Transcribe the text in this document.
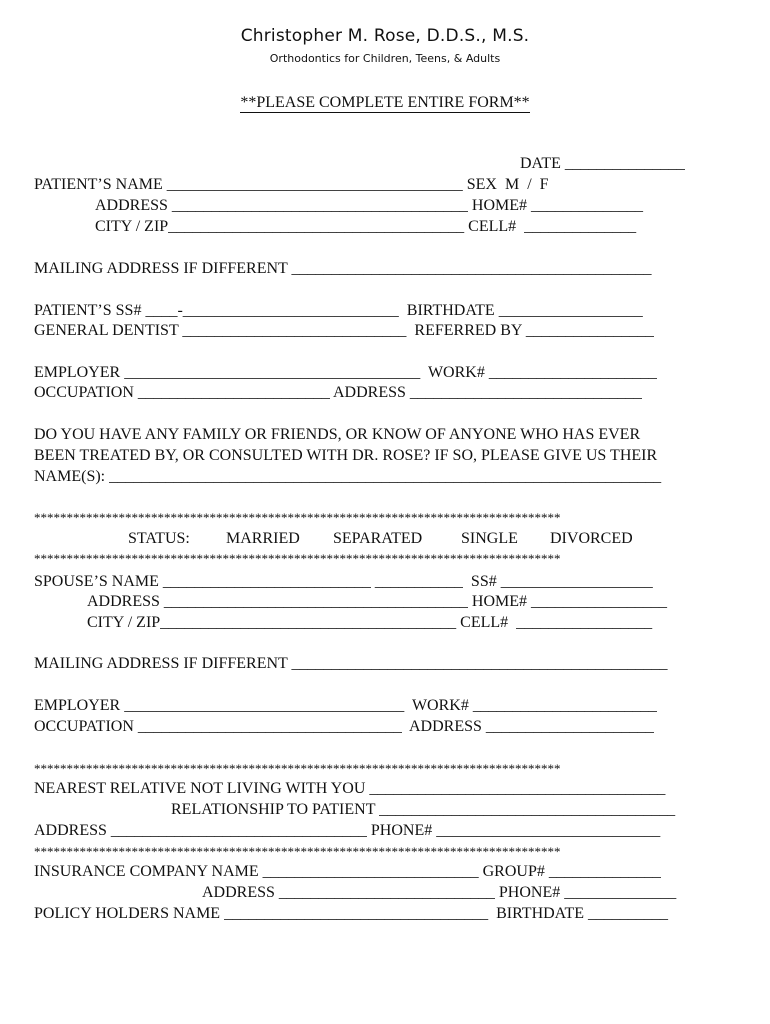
Christopher M. Rose, D.D.S., M.S.
Orthodontics for Children, Teens, & Adults
**PLEASE COMPLETE ENTIRE FORM**
DATE _______________
PATIENT’S NAME _____________________________________ SEX  M  /  F
ADDRESS _____________________________________ HOME# ______________
CITY / ZIP_____________________________________ CELL#  ______________
MAILING ADDRESS IF DIFFERENT _____________________________________________
PATIENT’S SS# ____-___________________________  BIRTHDATE __________________
GENERAL DENTIST ____________________________  REFERRED BY ________________
EMPLOYER _____________________________________  WORK# _____________________
OCCUPATION ________________________ ADDRESS _____________________________
DO YOU HAVE ANY FAMILY OR FRIENDS, OR KNOW OF ANYONE WHO HAS EVER
BEEN TREATED BY, OR CONSULTED WITH DR. ROSE? IF SO, PLEASE GIVE US THEIR
NAME(S): _____________________________________________________________________
*********************************************************************************
STATUS: MARRIED SEPARATED SINGLE DIVORCED
*********************************************************************************
SPOUSE’S NAME __________________________ ___________  SS# ___________________
ADDRESS ______________________________________ HOME# _________________
CITY / ZIP_____________________________________ CELL#  _________________
MAILING ADDRESS IF DIFFERENT _______________________________________________
EMPLOYER ___________________________________  WORK# _______________________
OCCUPATION _________________________________  ADDRESS _____________________
*********************************************************************************
NEAREST RELATIVE NOT LIVING WITH YOU _____________________________________
RELATIONSHIP TO PATIENT _____________________________________
ADDRESS ________________________________ PHONE# ____________________________
*********************************************************************************
INSURANCE COMPANY NAME ___________________________ GROUP# ______________
ADDRESS ___________________________ PHONE# ______________
POLICY HOLDERS NAME _________________________________  BIRTHDATE __________
